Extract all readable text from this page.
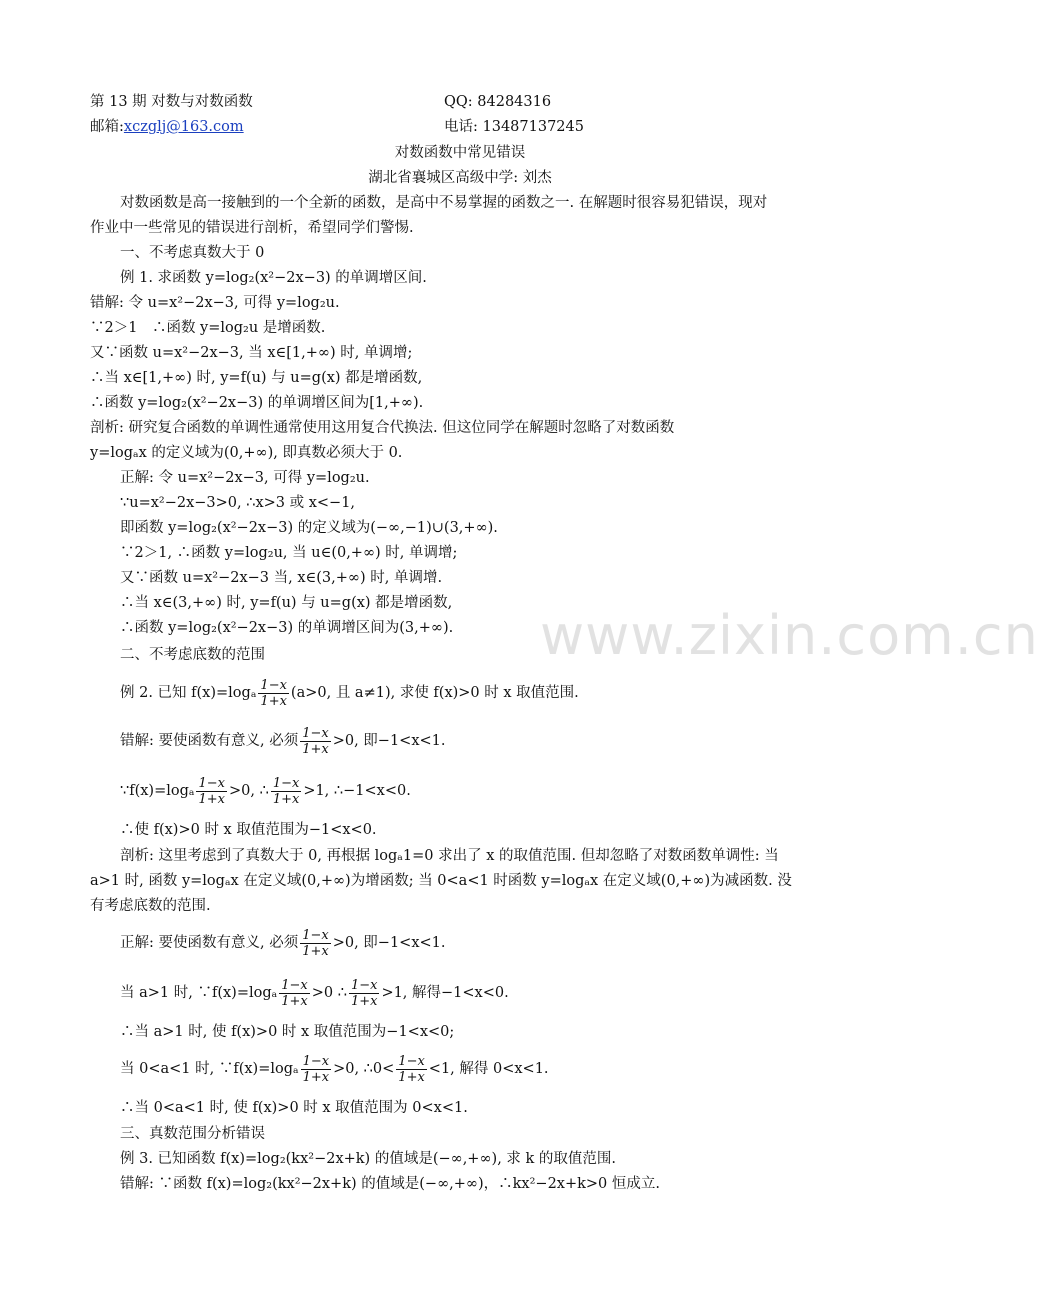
第 13 期 对数与对数函数	QQ: 84284316
邮箱:xczglj@163.com	电话: 13487137245
对数函数中常见错误
湖北省襄城区高级中学: 刘杰
对数函数是高一接触到的一个全新的函数，是高中不易掌握的函数之一. 在解题时很容易犯错误，现对
作业中一些常见的错误进行剖析，希望同学们警惕.
一、不考虑真数大于 0
例 1. 求函数 y=log₂(x²−2x−3) 的单调增区间.
错解: 令 u=x²−2x−3, 可得 y=log₂u.
∵2＞1　∴函数 y=log₂u 是增函数.
又∵函数 u=x²−2x−3, 当 x∈[1,+∞) 时, 单调增;
∴当 x∈[1,+∞) 时, y=f(u) 与 u=g(x) 都是增函数,
∴函数 y=log₂(x²−2x−3) 的单调增区间为[1,+∞).
剖析: 研究复合函数的单调性通常使用这用复合代换法. 但这位同学在解题时忽略了对数函数
y=logₐx 的定义域为(0,+∞), 即真数必须大于 0.
正解: 令 u=x²−2x−3, 可得 y=log₂u.
∵u=x²−2x−3>0, ∴x>3 或 x<−1,
即函数 y=log₂(x²−2x−3) 的定义域为(−∞,−1)∪(3,+∞).
∵2＞1, ∴函数 y=log₂u, 当 u∈(0,+∞) 时, 单调增;
又∵函数 u=x²−2x−3 当, x∈(3,+∞) 时, 单调增.
∴当 x∈(3,+∞) 时, y=f(u) 与 u=g(x) 都是增函数,
∴函数 y=log₂(x²−2x−3) 的单调增区间为(3,+∞).	www.zixin.com.cn
二、不考虑底数的范围
例 2. 已知 $f(x)=\log_a \frac{1-x}{1+x} (a>0$, 且 a≠1), 求使 f(x)>0 时 x 取值范围.
错解: 要使函数有意义, 必须 $\frac{1-x}{1+x} >0$, 即−1<x<1.
∵f(x)=logₐ $\frac{1-x}{1+x} >0$, ∴ $\frac{1-x}{1+x} >1$, ∴−1<x<0.
∴使 f(x)>0 时 x 取值范围为−1<x<0.
剖析: 这里考虑到了真数大于 0, 再根据 logₐ1=0 求出了 x 的取值范围. 但却忽略了对数函数单调性: 当
a>1 时, 函数 y=logₐx 在定义域(0,+∞)为增函数; 当 0<a<1 时函数 y=logₐx 在定义域(0,+∞)为减函数. 没
有考虑底数的范围.
正解: 要使函数有意义, 必须 $\frac{1-x}{1+x} >0$, 即−1<x<1.
当 a>1 时, ∵f(x)=logₐ $\frac{1-x}{1+x} >0$ ∴ $\frac{1-x}{1+x} >1$, 解得−1<x<0.
∴当 a>1 时, 使 f(x)>0 时 x 取值范围为−1<x<0;
当 0<a<1 时, ∵f(x)=logₐ $\frac{1-x}{1+x} >0$, ∴0< $\frac{1-x}{1+x} <1$, 解得 0<x<1.
∴当 0<a<1 时, 使 f(x)>0 时 x 取值范围为 0<x<1.
三、真数范围分析错误
例 3. 已知函数 f(x)=log₂(kx²−2x+k) 的值域是(−∞,+∞), 求 k 的取值范围.
错解: ∵函数 f(x)=log₂(kx²−2x+k) 的值域是(−∞,+∞)，∴kx²−2x+k>0 恒成立.
